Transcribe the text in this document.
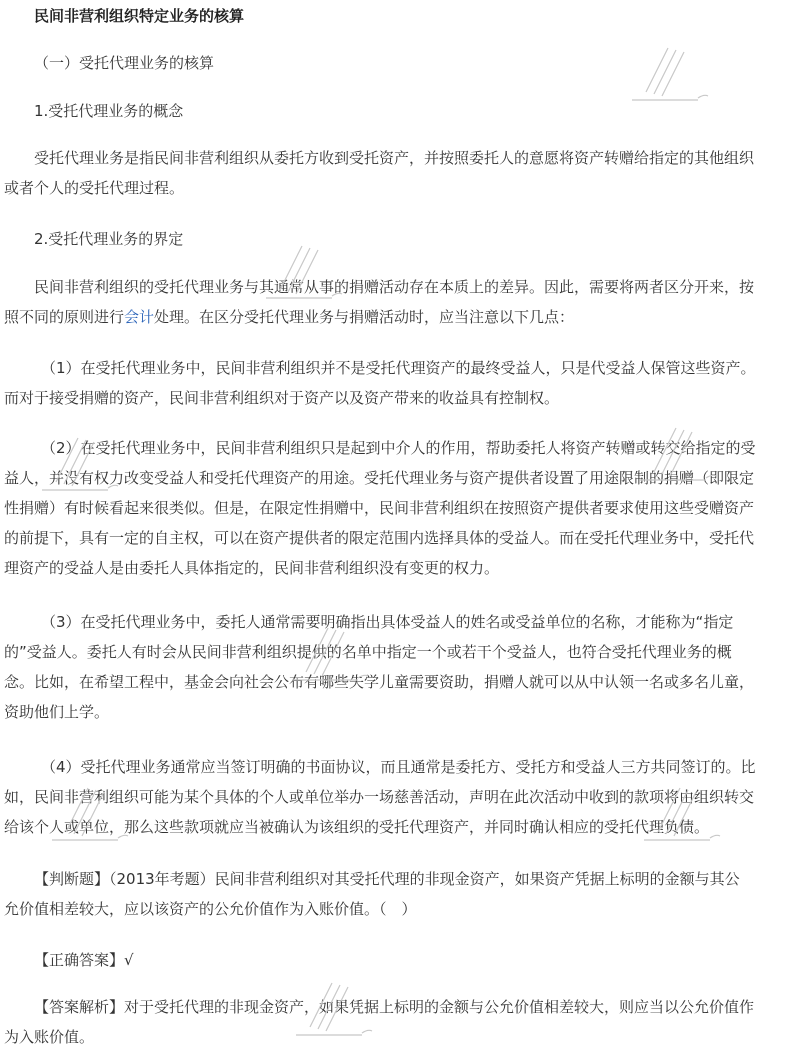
民间非营利组织特定业务的核算
（一）受托代理业务的核算
1.受托代理业务的概念
受托代理业务是指民间非营利组织从委托方收到受托资产，并按照委托人的意愿将资产转赠给指定的其他组织
或者个人的受托代理过程。
2.受托代理业务的界定
民间非营利组织的受托代理业务与其通常从事的捐赠活动存在本质上的差异。因此，需要将两者区分开来，按
照不同的原则进行会计处理。在区分受托代理业务与捐赠活动时，应当注意以下几点：
（1）在受托代理业务中，民间非营利组织并不是受托代理资产的最终受益人，只是代受益人保管这些资产。
而对于接受捐赠的资产，民间非营利组织对于资产以及资产带来的收益具有控制权。
（2）在受托代理业务中，民间非营利组织只是起到中介人的作用，帮助委托人将资产转赠或转交给指定的受
益人，并没有权力改变受益人和受托代理资产的用途。受托代理业务与资产提供者设置了用途限制的捐赠（即限定
性捐赠）有时候看起来很类似。但是，在限定性捐赠中，民间非营利组织在按照资产提供者要求使用这些受赠资产
的前提下，具有一定的自主权，可以在资产提供者的限定范围内选择具体的受益人。而在受托代理业务中，受托代
理资产的受益人是由委托人具体指定的，民间非营利组织没有变更的权力。
（3）在受托代理业务中，委托人通常需要明确指出具体受益人的姓名或受益单位的名称，才能称为“指定
的”受益人。委托人有时会从民间非营利组织提供的名单中指定一个或若干个受益人，也符合受托代理业务的概
念。比如，在希望工程中，基金会向社会公布有哪些失学儿童需要资助，捐赠人就可以从中认领一名或多名儿童，
资助他们上学。
（4）受托代理业务通常应当签订明确的书面协议，而且通常是委托方、受托方和受益人三方共同签订的。比
如，民间非营利组织可能为某个具体的个人或单位举办一场慈善活动，声明在此次活动中收到的款项将由组织转交
给该个人或单位，那么这些款项就应当被确认为该组织的受托代理资产，并同时确认相应的受托代理负债。
【判断题】（2013年考题）民间非营利组织对其受托代理的非现金资产，如果资产凭据上标明的金额与其公
允价值相差较大，应以该资产的公允价值作为入账价值。（　）
【正确答案】√
【答案解析】对于受托代理的非现金资产，如果凭据上标明的金额与公允价值相差较大，则应当以公允价值作
为入账价值。
